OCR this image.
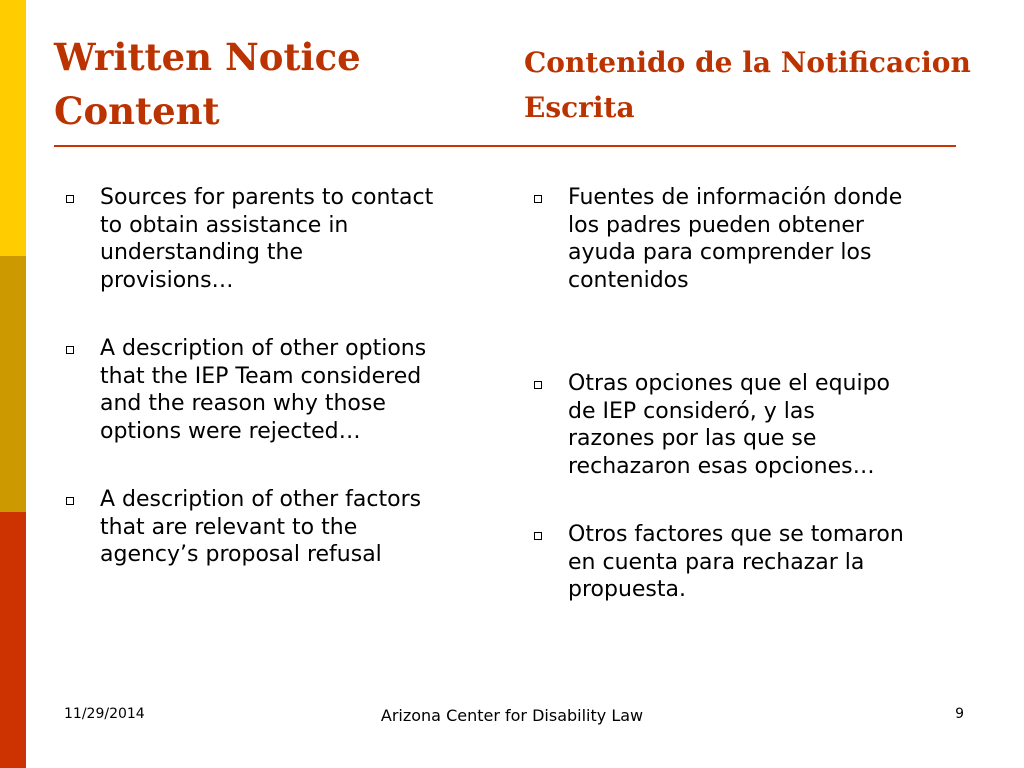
Written Notice
Content
Contenido de la Notificacion
Escrita
Sources for parents to contact
to obtain assistance in
understanding the
provisions…
A description of other options
that the IEP Team considered
and the reason why those
options were rejected…
A description of other factors
that are relevant to the
agency’s proposal refusal
Fuentes de información donde
los padres pueden obtener
ayuda para comprender los
contenidos
Otras opciones que el equipo
de IEP consideró, y las
razones por las que se
rechazaron esas opciones…
Otros factores que se tomaron
en cuenta para rechazar la
propuesta.
11/29/2014	Arizona Center for Disability Law	9
